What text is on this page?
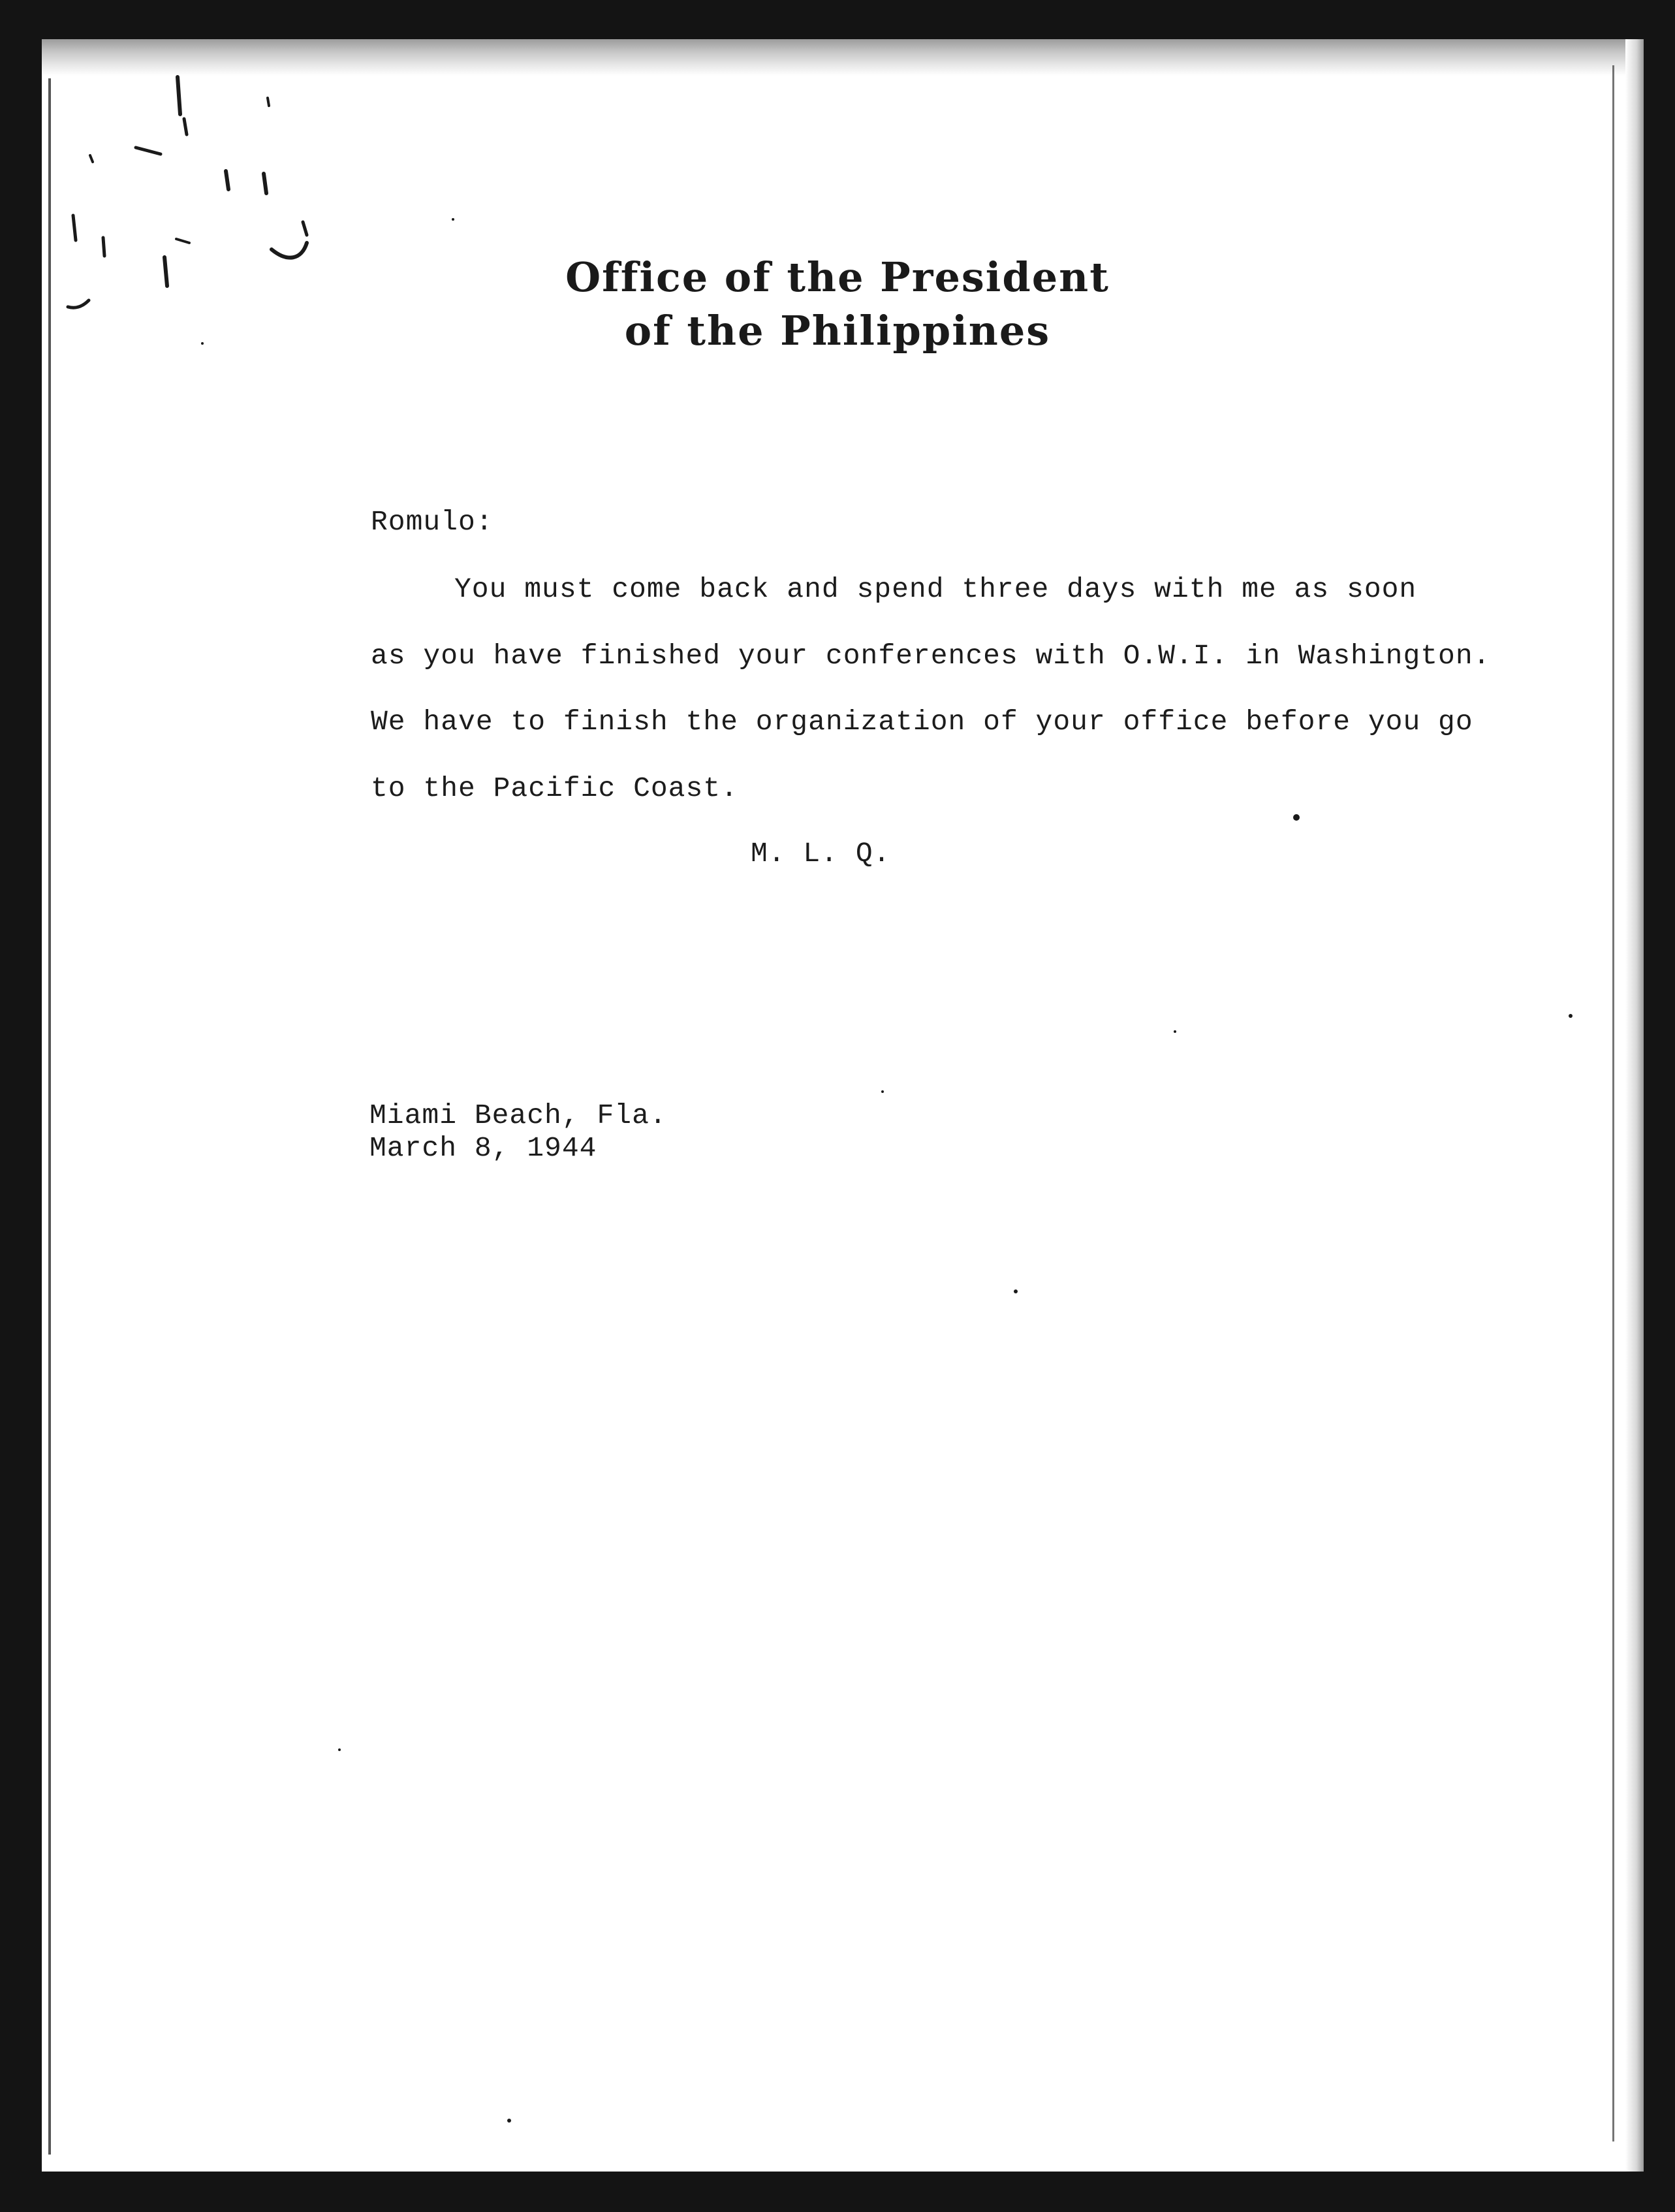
Office of the President
of the Philippines
Romulo:
You must come back and spend three days with me as soon
as you have finished your conferences with O.W.I. in Washington.
We have to finish the organization of your office before you go
to the Pacific Coast.
M. L. Q.
Miami Beach, Fla.
March 8, 1944
